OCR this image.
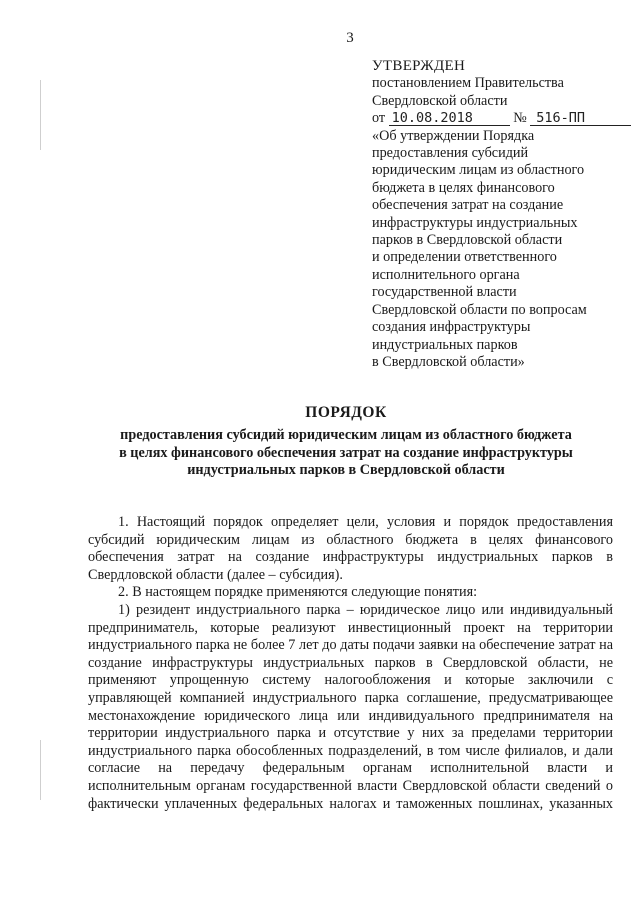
3
УТВЕРЖДЕН
постановлением Правительства
Свердловской области
от 10.08.2018	№ 516-ПП
«Об утверждении Порядка
предоставления субсидий
юридическим лицам из областного
бюджета в целях финансового
обеспечения затрат на создание
инфраструктуры индустриальных
парков в Свердловской области
и определении ответственного
исполнительного органа
государственной власти
Свердловской области по вопросам
создания инфраструктуры
индустриальных парков
в Свердловской области»
ПОРЯДОК
предоставления субсидий юридическим лицам из областного бюджета
в целях финансового обеспечения затрат на создание инфраструктуры
индустриальных парков в Свердловской области

1. Настоящий порядок определяет цели, условия и порядок предоставления субсидий юридическим лицам из областного бюджета в целях финансового обеспечения затрат на создание инфраструктуры индустриальных парков в Свердловской области (далее – субсидия).

2. В настоящем порядке применяются следующие понятия:

1) резидент индустриального парка – юридическое лицо или индивидуальный предприниматель, которые реализуют инвестиционный проект на территории индустриального парка не более 7 лет до даты подачи заявки на обеспечение затрат на создание инфраструктуры индустриальных парков в Свердловской области, не применяют упрощенную систему налогообложения и которые заключили с управляющей компанией индустриального парка соглашение, предусматривающее местонахождение юридического лица или индивидуального предпринимателя на территории индустриального парка и отсутствие у них за пределами территории индустриального парка обособленных подразделений, в том числе филиалов, и дали согласие на передачу федеральным органам исполнительной власти и исполнительным органам государственной власти Свердловской области сведений о фактически уплаченных федеральных налогах и таможенных пошлинах, указанных
